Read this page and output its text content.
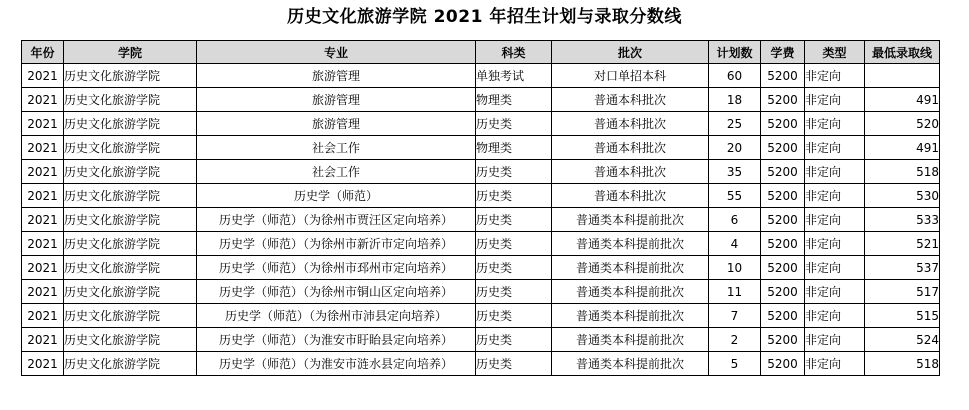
历史文化旅游学院 2021 年招生计划与录取分数线
年份	学院	专业	科类	批次	计划数	学费	类型	最低录取线
2021	历史文化旅游学院	旅游管理	单独考试	对口单招本科	60	5200	非定向	
2021	历史文化旅游学院	旅游管理	物理类	普通本科批次	18	5200	非定向	491
2021	历史文化旅游学院	旅游管理	历史类	普通本科批次	25	5200	非定向	520
2021	历史文化旅游学院	社会工作	物理类	普通本科批次	20	5200	非定向	491
2021	历史文化旅游学院	社会工作	历史类	普通本科批次	35	5200	非定向	518
2021	历史文化旅游学院	历史学（师范）	历史类	普通本科批次	55	5200	非定向	530
2021	历史文化旅游学院	历史学（师范）（为徐州市贾汪区定向培养）	历史类	普通类本科提前批次	6	5200	非定向	533
2021	历史文化旅游学院	历史学（师范）（为徐州市新沂市定向培养）	历史类	普通类本科提前批次	4	5200	非定向	521
2021	历史文化旅游学院	历史学（师范）（为徐州市邳州市定向培养）	历史类	普通类本科提前批次	10	5200	非定向	537
2021	历史文化旅游学院	历史学（师范）（为徐州市铜山区定向培养）	历史类	普通类本科提前批次	11	5200	非定向	517
2021	历史文化旅游学院	历史学（师范）（为徐州市沛县定向培养）	历史类	普通类本科提前批次	7	5200	非定向	515
2021	历史文化旅游学院	历史学（师范）（为淮安市盱眙县定向培养）	历史类	普通类本科提前批次	2	5200	非定向	524
2021	历史文化旅游学院	历史学（师范）（为淮安市涟水县定向培养）	历史类	普通类本科提前批次	5	5200	非定向	518
